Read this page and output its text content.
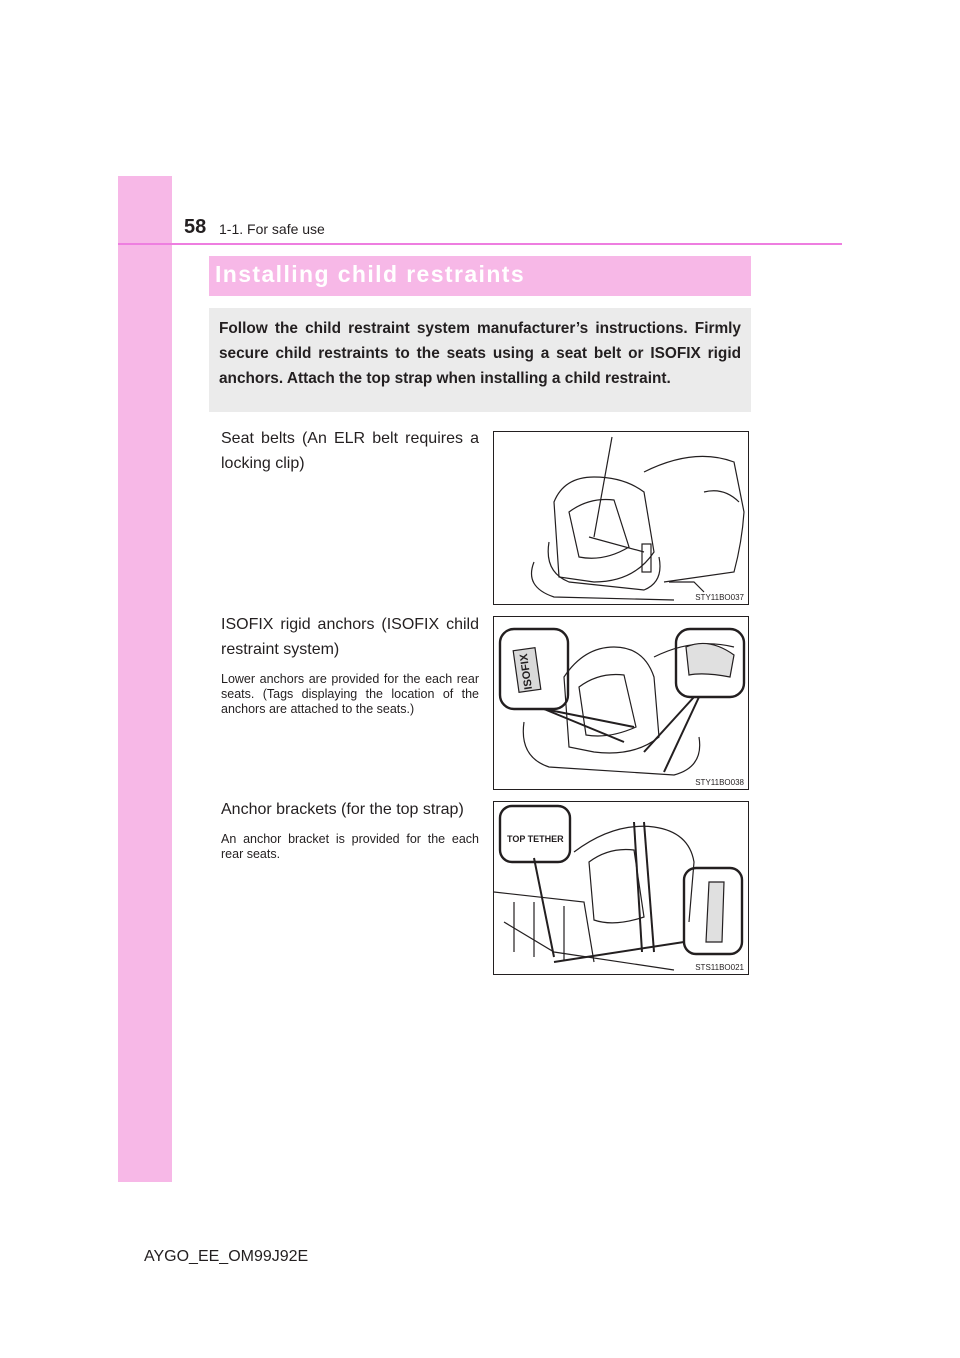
58 1-1. For safe use
Installing child restraints
Follow the child restraint system manufacturer’s instructions. Firmly secure child restraints to the seats using a seat belt or ISOFIX rigid anchors. Attach the top strap when installing a child restraint.
Seat belts (An ELR belt requires a locking clip)
STY11BO037
ISOFIX rigid anchors (ISOFIX child restraint system)
Lower anchors are provided for the each rear seats. (Tags displaying the location of the anchors are attached to the seats.)
ISOFIX
STY11BO038
Anchor brackets (for the top strap)
An anchor bracket is provided for the each rear seats.
TOP TETHER
STS11BO021
AYGO_EE_OM99J92E
